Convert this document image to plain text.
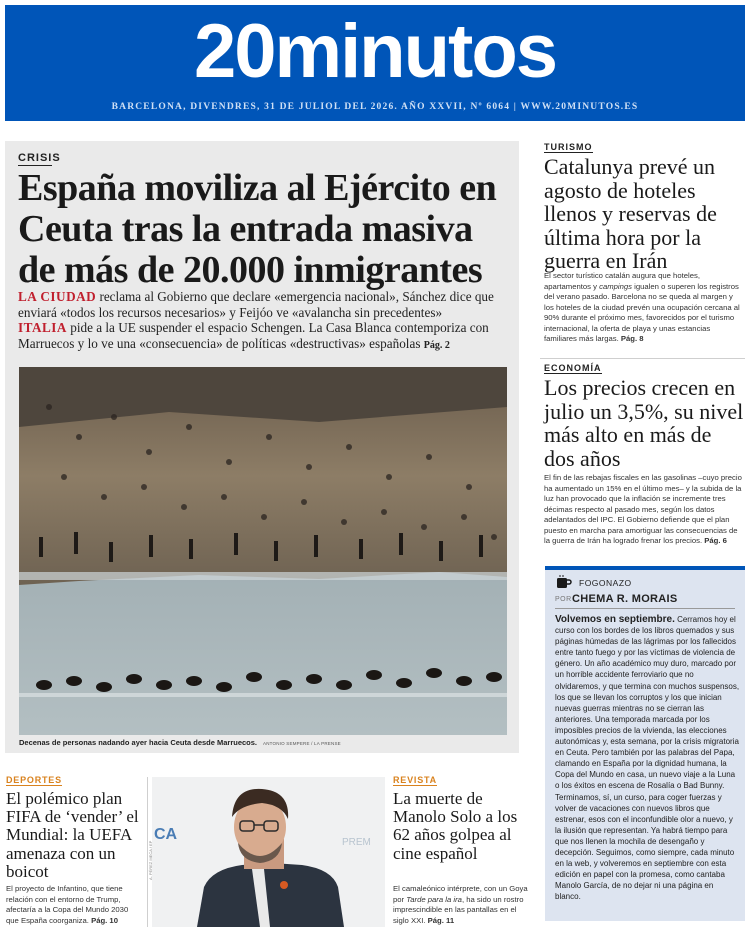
20minutos
BARCELONA, DIVENDRES, 31 DE JULIOL DEL 2026. AÑO XXVII, Nº 6064 | WWW.20MINUTOS.ES
CRISIS
España moviliza al Ejército en Ceuta tras la entrada masiva de más de 20.000 inmigrantes
LA CIUDAD reclama al Gobierno que declare «emergencia nacional», Sánchez dice que enviará «todos los recursos necesarios» y Feijóo ve «avalancha sin precedentes»
ITALIA pide a la UE suspender el espacio Schengen. La Casa Blanca contemporiza con Marruecos y lo ve una «consecuencia» de políticas «destructivas» españolas Pág. 2
Decenas de personas nadando ayer hacia Ceuta desde Marruecos. ANTONIO SEMPERE / LA PRENSE
TURISMO
Catalunya prevé un agosto de hoteles llenos y reservas de última hora por la guerra en Irán
El sector turístico catalán augura que hoteles, apartamentos y campings igualen o superen los registros del verano pasado. Barcelona no se queda al margen y los hoteles de la ciudad prevén una ocupación cercana al 90% durante el próximo mes, favorecidos por el turismo internacional, la oferta de playa y unas estancias familiares más largas. Pág. 8
ECONOMÍA
Los precios crecen en julio un 3,5%, su nivel más alto en más de dos años
El fin de las rebajas fiscales en las gasolinas –cuyo precio ha aumentado un 15% en el último mes– y la subida de la luz han provocado que la inflación se incremente tres décimas respecto al pasado mes, según los datos adelantados del IPC. El Gobierno defiende que el plan puesto en marcha para amortiguar las consecuencias de la guerra de Irán ha logrado frenar los precios. Pág. 6
FOGONAZO
POR CHEMA R. MORAIS
Volvemos en septiembre. Cerramos hoy el curso con los bordes de los libros quemados y sus páginas húmedas de las lágrimas por los fallecidos entre tanto fuego y por las víctimas de violencia de género. Un año académico muy duro, marcado por un horrible accidente ferroviario que no olvidaremos, y que termina con muchos suspensos, los que se llevan los corruptos y los que inician nuevas guerras mientras no se cierran las anteriores. Una temporada marcada por los imposibles precios de la vivienda, las elecciones autonómicas y, esta semana, por la crisis migratoria en Ceuta. Pero también por las palabras del Papa, clamando en España por la dignidad humana, la Copa del Mundo en casa, un nuevo viaje a la Luna o los éxitos en escena de Rosalía o Bad Bunny. Terminamos, sí, un curso, para coger fuerzas y volver de vacaciones con nuevos libros que estrenar, esos con el inconfundible olor a nuevo, y la ilusión que representan. Ya habrá tiempo para que nos llenen la mochila de desengaño y decepción. Seguimos, como siempre, cada minuto en la web, y volveremos en septiembre con esta edición en papel con la promesa, como cantaba Manolo García, de no dejar ni una página en blanco.
DEPORTES
El polémico plan FIFA de ‘vender’ el Mundial: la UEFA amenaza con un boicot
El proyecto de Infantino, que tiene relación con el entorno de Trump, afectaría a la Copa del Mundo 2030 que España coorganiza. Pág. 10
CA	PREM
A. PÉREZ MECA / EP
REVISTA
La muerte de Manolo Solo a los 62 años golpea al cine español
El camaleónico intérprete, con un Goya por Tarde para la ira, ha sido un rostro imprescindible en las pantallas en el siglo XXI. Pág. 11
